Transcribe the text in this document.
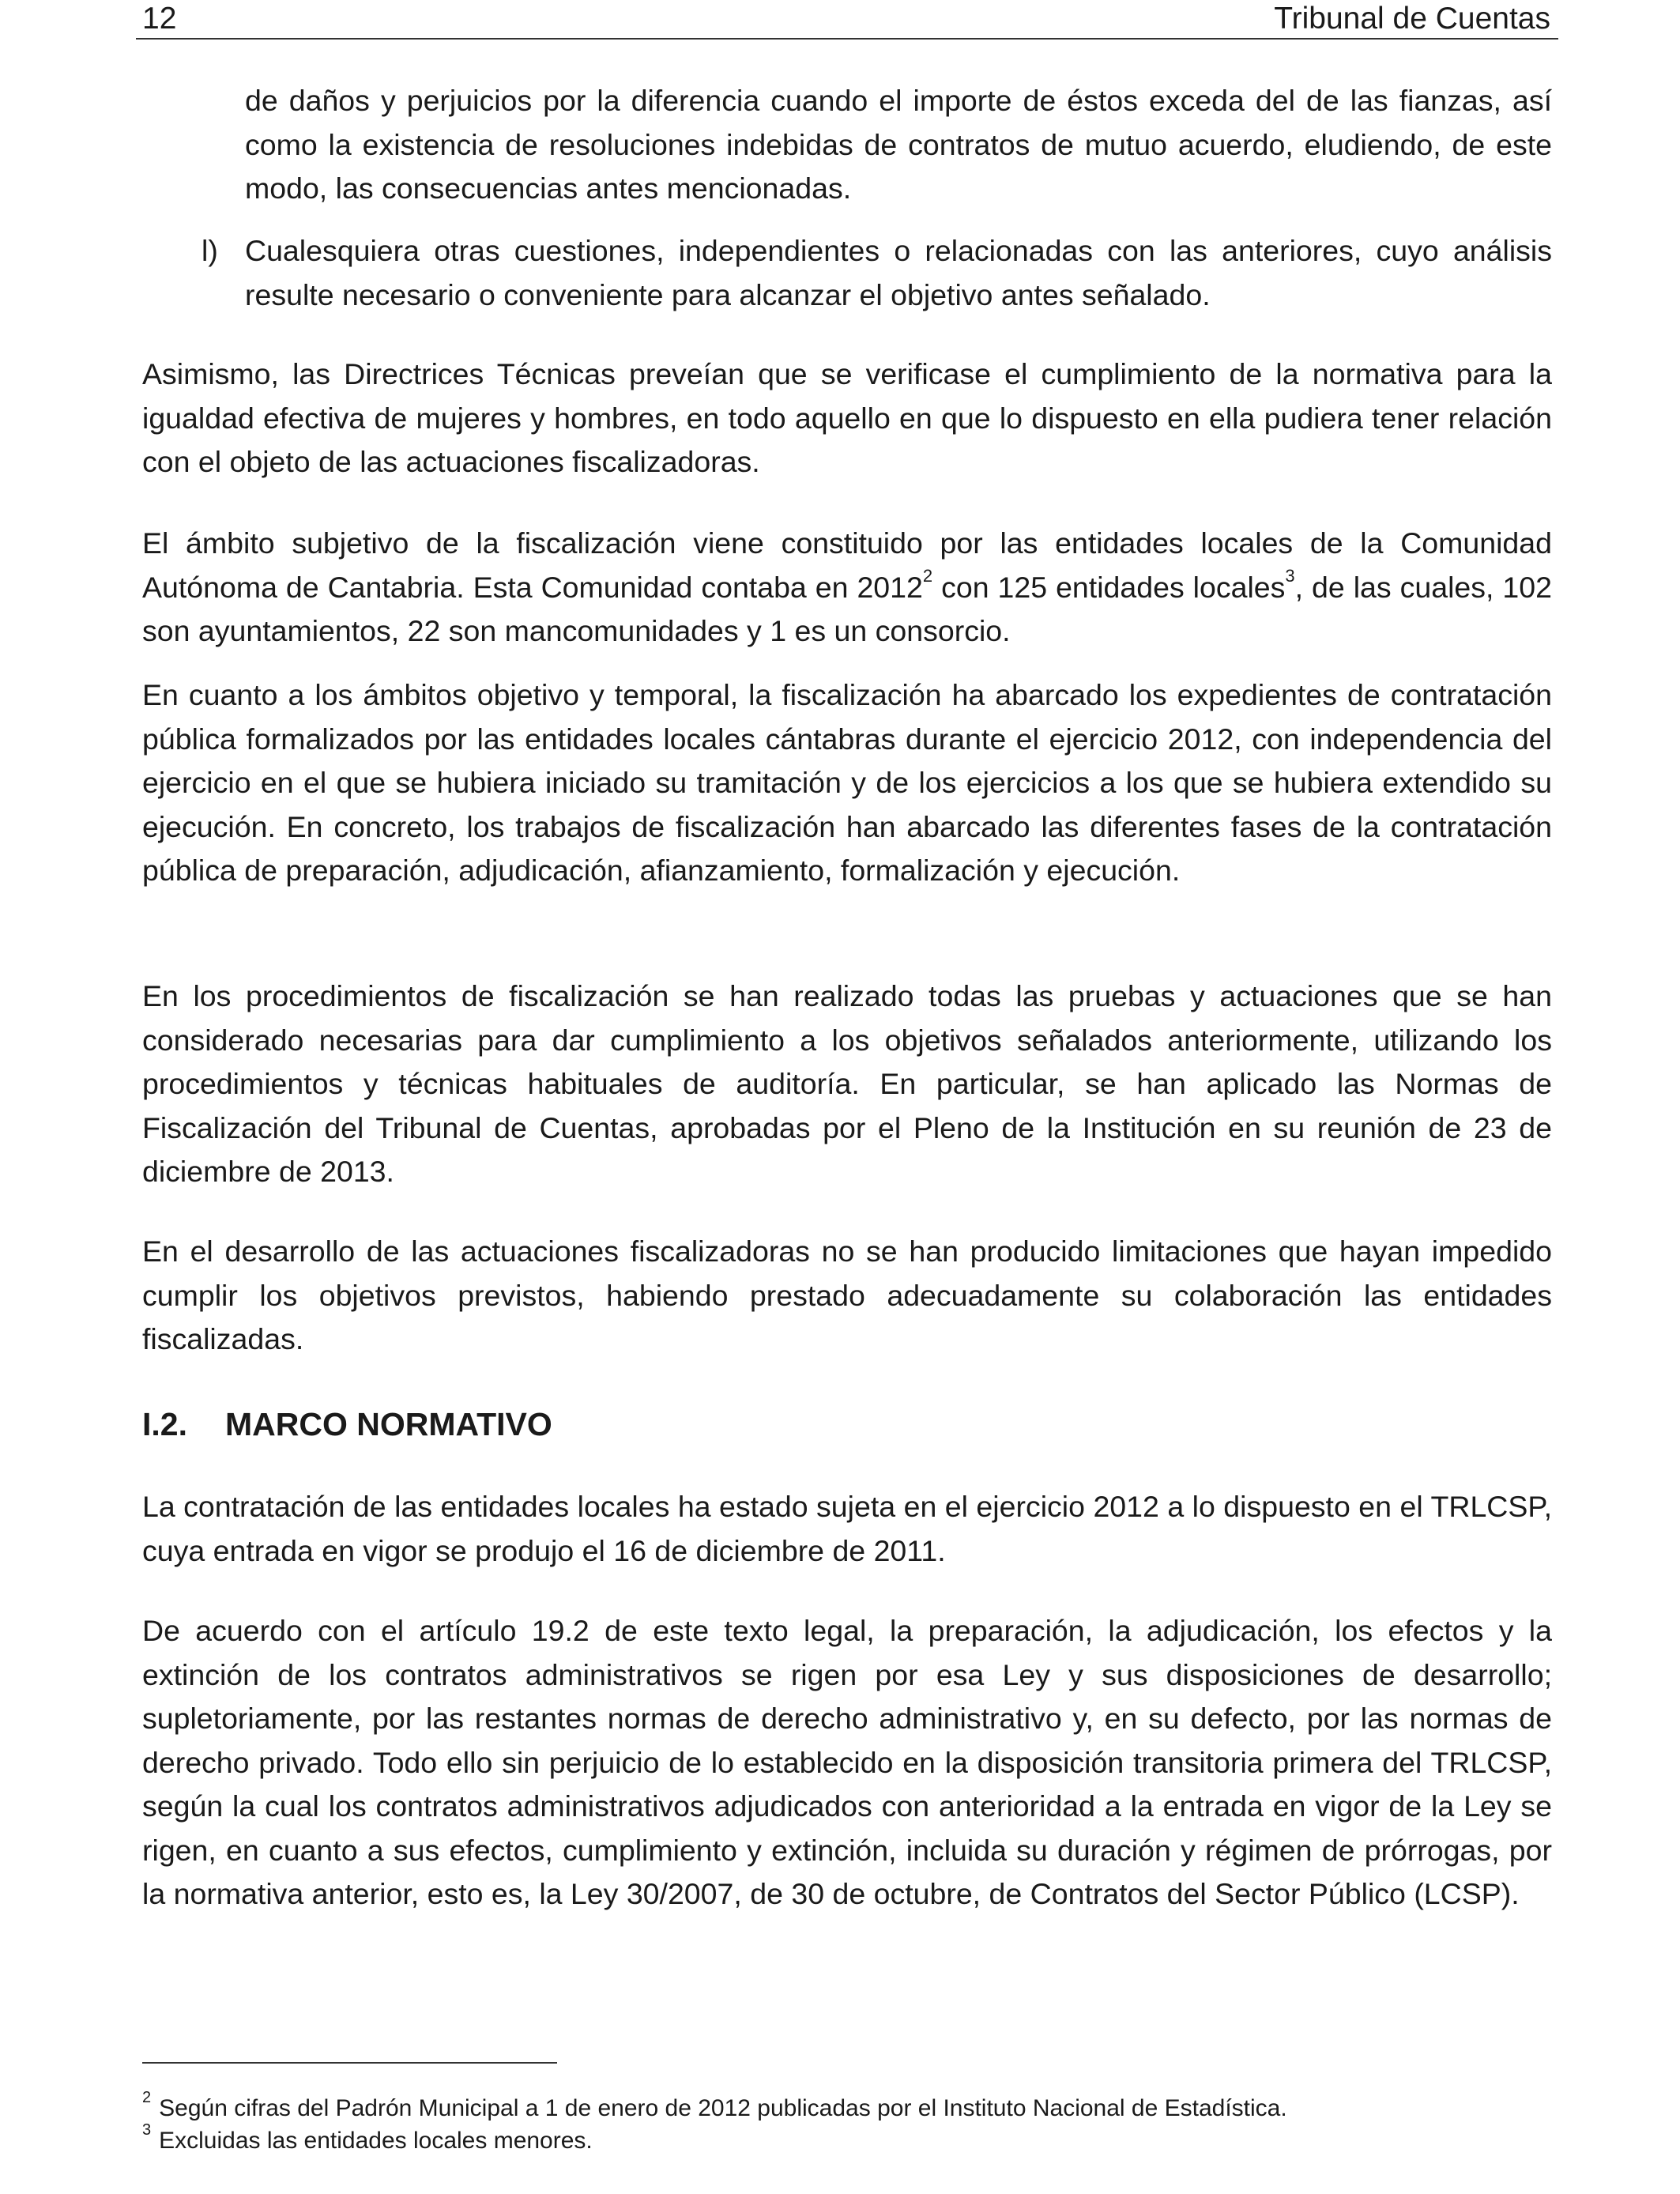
12	Tribunal de Cuentas

de daños y perjuicios por la diferencia cuando el importe de éstos exceda del de las fianzas, así como la existencia de resoluciones indebidas de contratos de mutuo acuerdo, eludiendo, de este modo, las consecuencias antes mencionadas.

l) Cualesquiera otras cuestiones, independientes o relacionadas con las anteriores, cuyo análisis resulte necesario o conveniente para alcanzar el objetivo antes señalado.

Asimismo, las Directrices Técnicas preveían que se verificase el cumplimiento de la normativa para la igualdad efectiva de mujeres y hombres, en todo aquello en que lo dispuesto en ella pudiera tener relación con el objeto de las actuaciones fiscalizadoras.

El ámbito subjetivo de la fiscalización viene constituido por las entidades locales de la Comunidad Autónoma de Cantabria. Esta Comunidad contaba en 2012$^2$ con 125 entidades locales$^3$, de las cuales, 102 son ayuntamientos, 22 son mancomunidades y 1 es un consorcio.

En cuanto a los ámbitos objetivo y temporal, la fiscalización ha abarcado los expedientes de contratación pública formalizados por las entidades locales cántabras durante el ejercicio 2012, con independencia del ejercicio en el que se hubiera iniciado su tramitación y de los ejercicios a los que se hubiera extendido su ejecución. En concreto, los trabajos de fiscalización han abarcado las diferentes fases de la contratación pública de preparación, adjudicación, afianzamiento, formalización y ejecución.

En los procedimientos de fiscalización se han realizado todas las pruebas y actuaciones que se han considerado necesarias para dar cumplimiento a los objetivos señalados anteriormente, utilizando los procedimientos y técnicas habituales de auditoría. En particular, se han aplicado las Normas de Fiscalización del Tribunal de Cuentas, aprobadas por el Pleno de la Institución en su reunión de 23 de diciembre de 2013.

En el desarrollo de las actuaciones fiscalizadoras no se han producido limitaciones que hayan impedido cumplir los objetivos previstos, habiendo prestado adecuadamente su colaboración las entidades fiscalizadas.

I.2. MARCO NORMATIVO

La contratación de las entidades locales ha estado sujeta en el ejercicio 2012 a lo dispuesto en el TRLCSP, cuya entrada en vigor se produjo el 16 de diciembre de 2011.

De acuerdo con el artículo 19.2 de este texto legal, la preparación, la adjudicación, los efectos y la extinción de los contratos administrativos se rigen por esa Ley y sus disposiciones de desarrollo; supletoriamente, por las restantes normas de derecho administrativo y, en su defecto, por las normas de derecho privado. Todo ello sin perjuicio de lo establecido en la disposición transitoria primera del TRLCSP, según la cual los contratos administrativos adjudicados con anterioridad a la entrada en vigor de la Ley se rigen, en cuanto a sus efectos, cumplimiento y extinción, incluida su duración y régimen de prórrogas, por la normativa anterior, esto es, la Ley 30/2007, de 30 de octubre, de Contratos del Sector Público (LCSP).

$^2$ Según cifras del Padrón Municipal a 1 de enero de 2012 publicadas por el Instituto Nacional de Estadística.
$^3$ Excluidas las entidades locales menores.
